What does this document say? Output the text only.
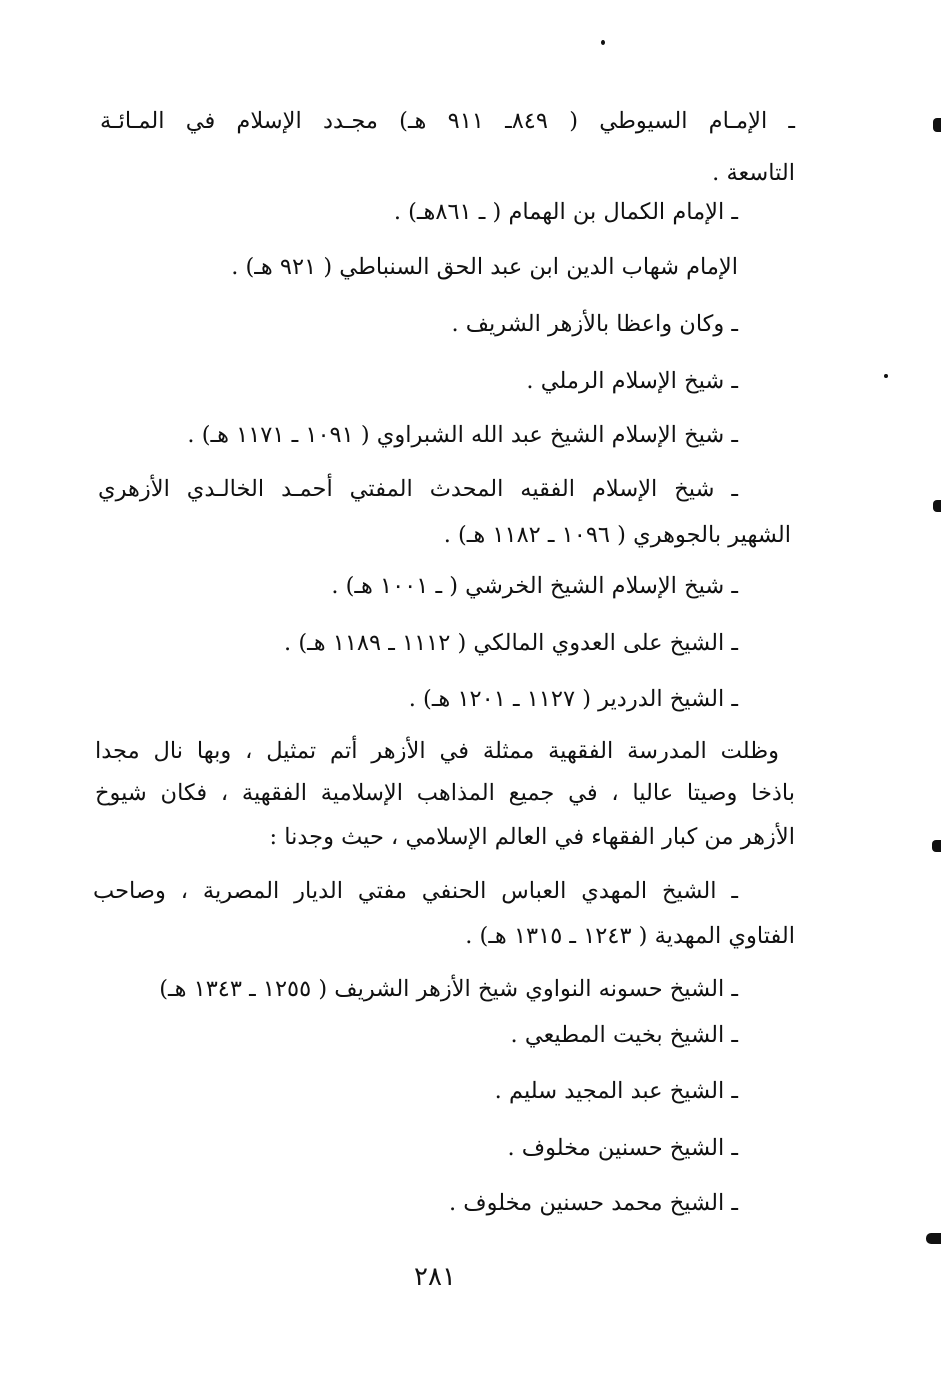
ـ الإمـام السيوطي ( ٨٤٩ـ ٩١١ هـ) مجـدد الإسلام في المـائـة
التاسعة .
ـ الإمام الكمال بن الهمام ( ـ ٨٦١هـ) .
الإمام شهاب الدين ابن عبد الحق السنباطي ( ٩٢١ هـ) .
ـ وكان واعظا بالأزهر الشريف .
ـ شيخ الإسلام الرملي .
ـ شيخ الإسلام الشيخ عبد الله الشبراوي ( ١٠٩١ ـ ١١٧١ هـ) .
ـ شيخ الإسلام الفقيه المحدث المفتي أحمـد الخالـدي الأزهري
الشهير بالجوهري ( ١٠٩٦ ـ ١١٨٢ هـ) .
ـ شيخ الإسلام الشيخ الخرشي ( ـ ١٠٠١ هـ) .
ـ الشيخ على العدوي المالكي ( ١١١٢ ـ ١١٨٩ هـ) .
ـ الشيخ الدردير ( ١١٢٧ ـ ١٢٠١ هـ) .
وظلت المدرسة الفقهية ممثلة في الأزهر أتم تمثيل ، وبها نال مجدا
باذخا وصيتا عاليا ، في جميع المذاهب الإسلامية الفقهية ، فكان شيوخ
الأزهر من كبار الفقهاء في العالم الإسلامي ، حيث وجدنا :
ـ الشيخ المهدي العباس الحنفي مفتي الديار المصرية ، وصاحب
الفتاوي المهدية ( ١٢٤٣ ـ ١٣١٥ هـ) .
ـ الشيخ حسونه النواوي شيخ الأزهر الشريف ( ١٢٥٥ ـ ١٣٤٣ هـ)
ـ الشيخ بخيت المطيعي .
ـ الشيخ عبد المجيد سليم .
ـ الشيخ حسنين مخلوف .
ـ الشيخ محمد حسنين مخلوف .
٢٨١
